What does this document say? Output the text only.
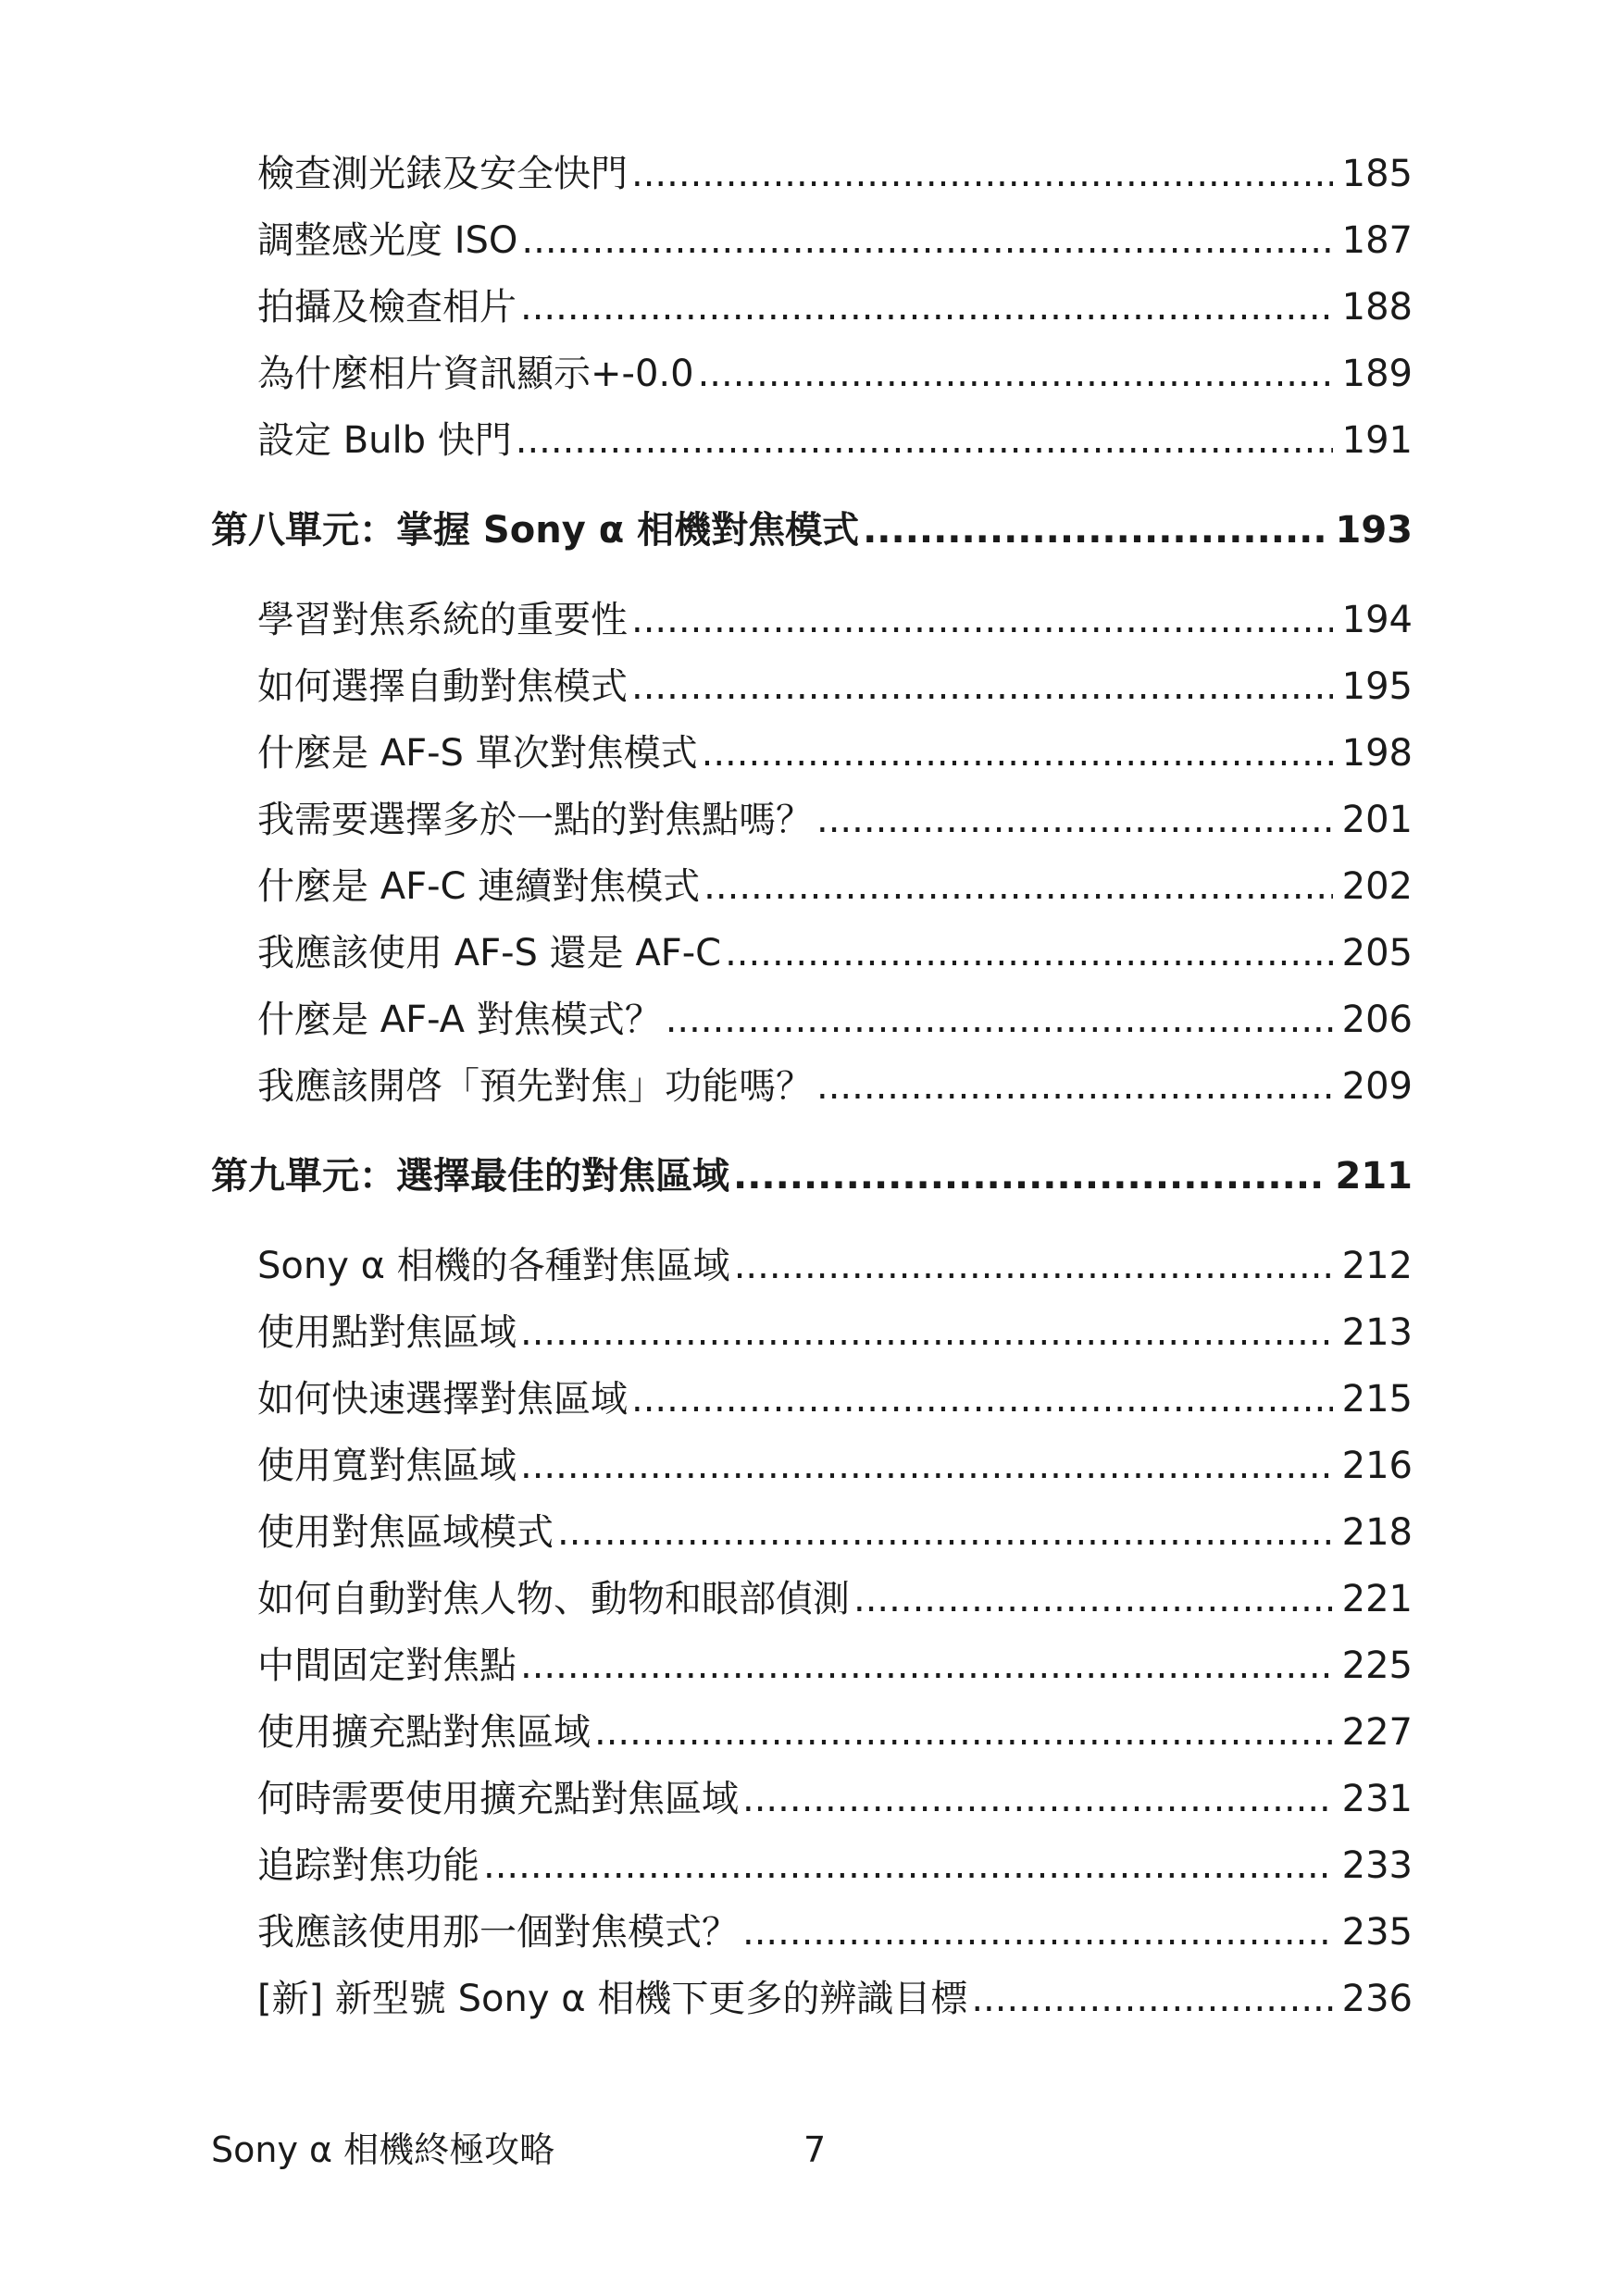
檢查測光錶及安全快門 .....	185
調整感光度 ISO .....	187
拍攝及檢查相片 .....	188
為什麼相片資訊顯示+-0.0 .....	189
設定 Bulb 快門 .....	191
第八單元：掌握 Sony α 相機對焦模式 .....	193
學習對焦系統的重要性 .....	194
如何選擇自動對焦模式 .....	195
什麼是 AF-S 單次對焦模式 .....	198
我需要選擇多於一點的對焦點嗎？ .....	201
什麼是 AF-C 連續對焦模式 .....	202
我應該使用 AF-S 還是 AF-C .....	205
什麼是 AF-A 對焦模式？ .....	206
我應該開啓「預先對焦」功能嗎？ .....	209
第九單元：選擇最佳的對焦區域 .....	211
Sony α 相機的各種對焦區域 .....	212
使用點對焦區域 .....	213
如何快速選擇對焦區域 .....	215
使用寬對焦區域 .....	216
使用對焦區域模式 .....	218
如何自動對焦人物、動物和眼部偵測 .....	221
中間固定對焦點 .....	225
使用擴充點對焦區域 .....	227
何時需要使用擴充點對焦區域 .....	231
追踪對焦功能 .....	233
我應該使用那一個對焦模式？ .....	235
[新] 新型號 Sony α 相機下更多的辨識目標 .....	236
Sony α 相機終極攻略	7
